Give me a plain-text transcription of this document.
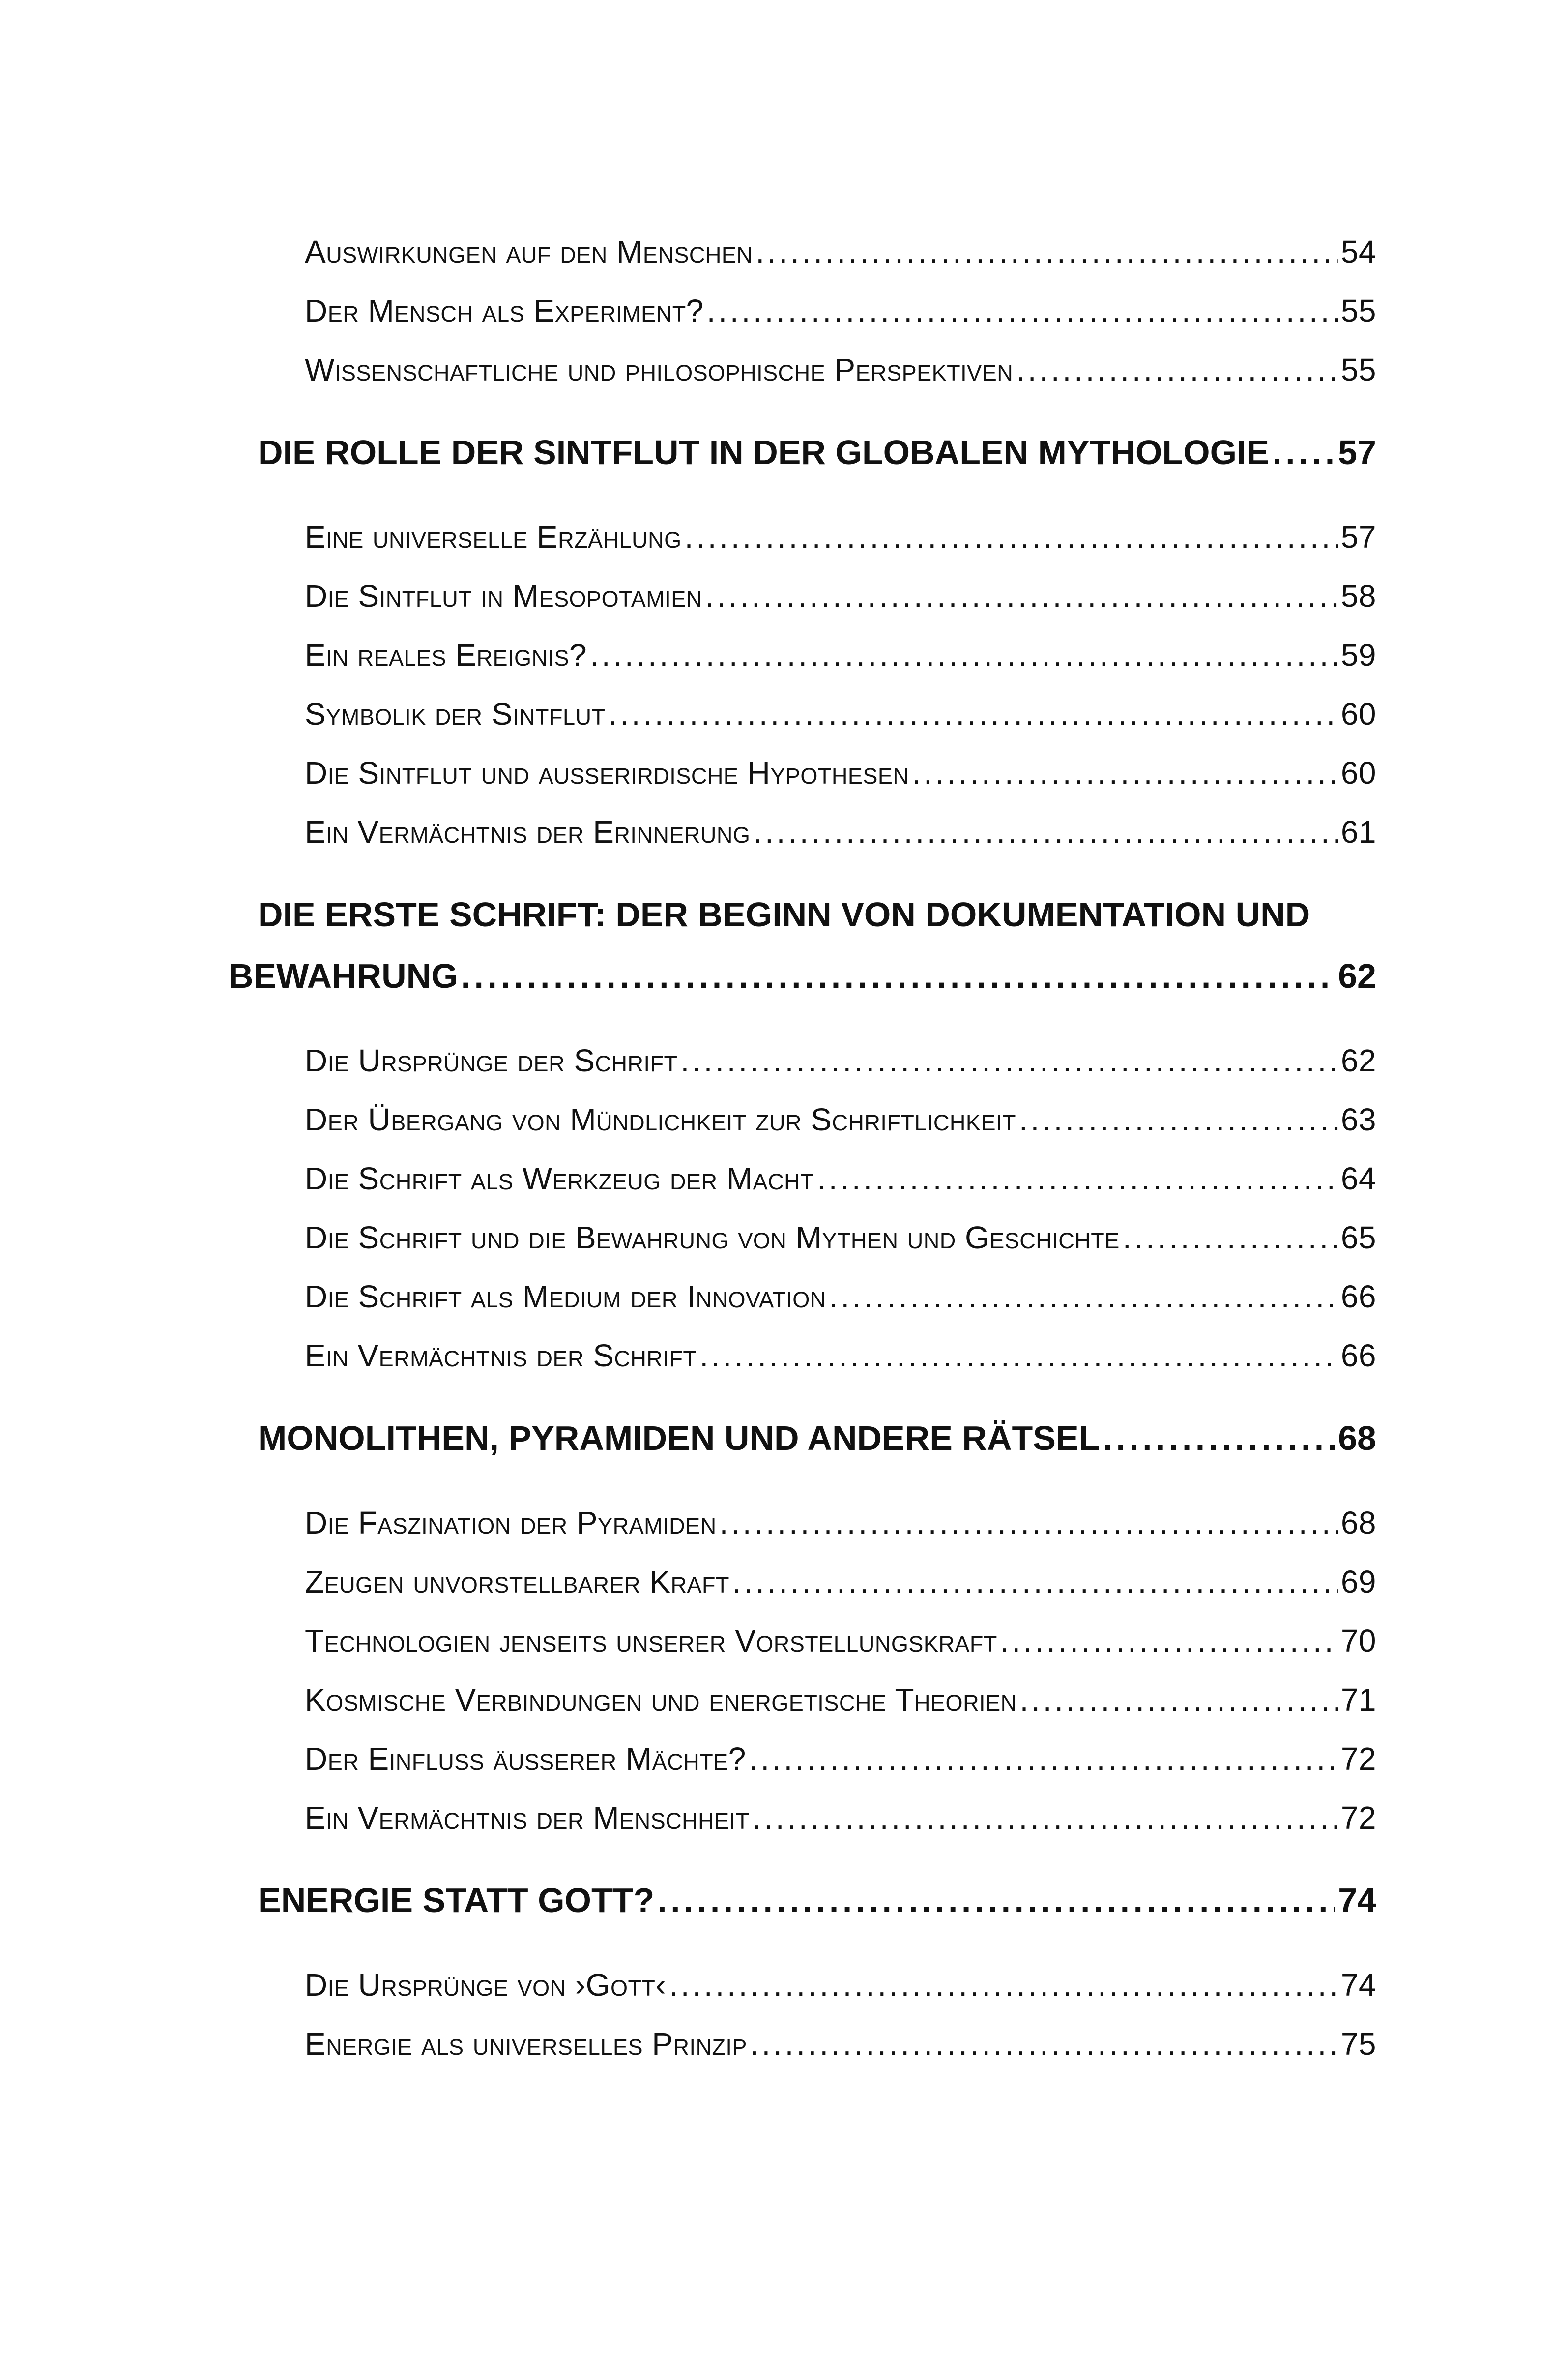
Auswirkungen auf den Menschen . . .	54
Der Mensch als Experiment? . . .	55
Wissenschaftliche und philosophische Perspektiven . . .	55
DIE ROLLE DER SINTFLUT IN DER GLOBALEN MYTHOLOGIE . . . 57
Eine universelle Erzählung . . .	57
Die Sintflut in Mesopotamien . . .	58
Ein reales Ereignis? . . .	59
Symbolik der Sintflut . . .	60
Die Sintflut und außerirdische Hypothesen . . .	60
Ein Vermächtnis der Erinnerung . . .	61
DIE ERSTE SCHRIFT: DER BEGINN VON DOKUMENTATION UND
BEWAHRUNG . . .	62
Die Ursprünge der Schrift . . .	62
Der Übergang von Mündlichkeit zur Schriftlichkeit . . .	63
Die Schrift als Werkzeug der Macht . . .	64
Die Schrift und die Bewahrung von Mythen und Geschichte . . .	65
Die Schrift als Medium der Innovation . . .	66
Ein Vermächtnis der Schrift . . .	66
MONOLITHEN, PYRAMIDEN UND ANDERE RÄTSEL . . .	68
Die Faszination der Pyramiden . . .	68
Zeugen unvorstellbarer Kraft . . .	69
Technologien jenseits unserer Vorstellungskraft . . .	70
Kosmische Verbindungen und energetische Theorien . . .	71
Der Einfluss äußerer Mächte? . . .	72
Ein Vermächtnis der Menschheit . . .	72
ENERGIE STATT GOTT? . . .	74
Die Ursprünge von ›Gott‹ . . .	74
Energie als universelles Prinzip . . .	75
